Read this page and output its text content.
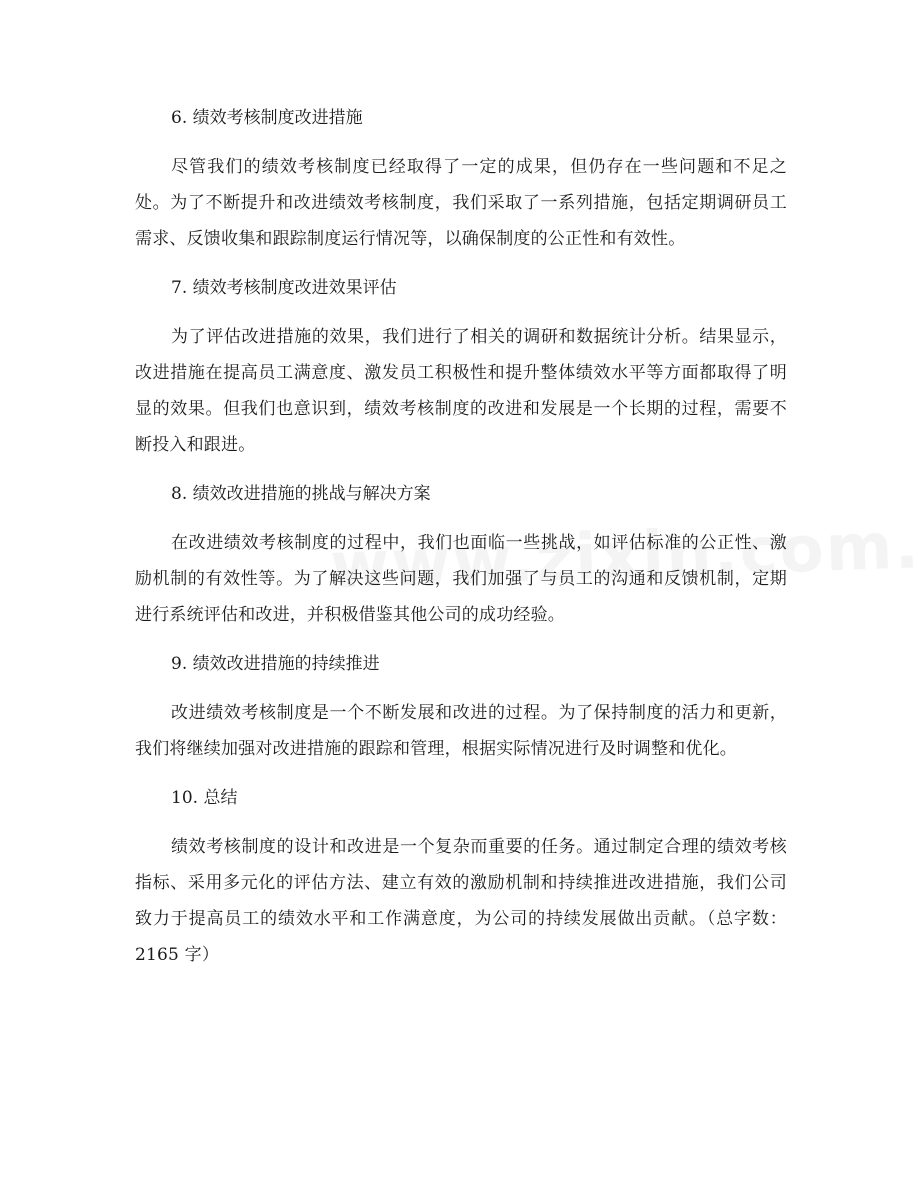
6. 绩效考核制度改进措施

尽管我们的绩效考核制度已经取得了一定的成果，但仍存在一些问题和不足之处。为了不断提升和改进绩效考核制度，我们采取了一系列措施，包括定期调研员工需求、反馈收集和跟踪制度运行情况等，以确保制度的公正性和有效性。

7. 绩效考核制度改进效果评估

为了评估改进措施的效果，我们进行了相关的调研和数据统计分析。结果显示，改进措施在提高员工满意度、激发员工积极性和提升整体绩效水平等方面都取得了明显的效果。但我们也意识到，绩效考核制度的改进和发展是一个长期的过程，需要不断投入和跟进。

8. 绩效改进措施的挑战与解决方案

在改进绩效考核制度的过程中，我们也面临一些挑战，如评估标准的公正性、激励机制的有效性等。为了解决这些问题，我们加强了与员工的沟通和反馈机制，定期进行系统评估和改进，并积极借鉴其他公司的成功经验。

9. 绩效改进措施的持续推进

改进绩效考核制度是一个不断发展和改进的过程。为了保持制度的活力和更新，我们将继续加强对改进措施的跟踪和管理，根据实际情况进行及时调整和优化。

10. 总结

绩效考核制度的设计和改进是一个复杂而重要的任务。通过制定合理的绩效考核指标、采用多元化的评估方法、建立有效的激励机制和持续推进改进措施，我们公司致力于提高员工的绩效水平和工作满意度，为公司的持续发展做出贡献。（总字数：2165 字）
